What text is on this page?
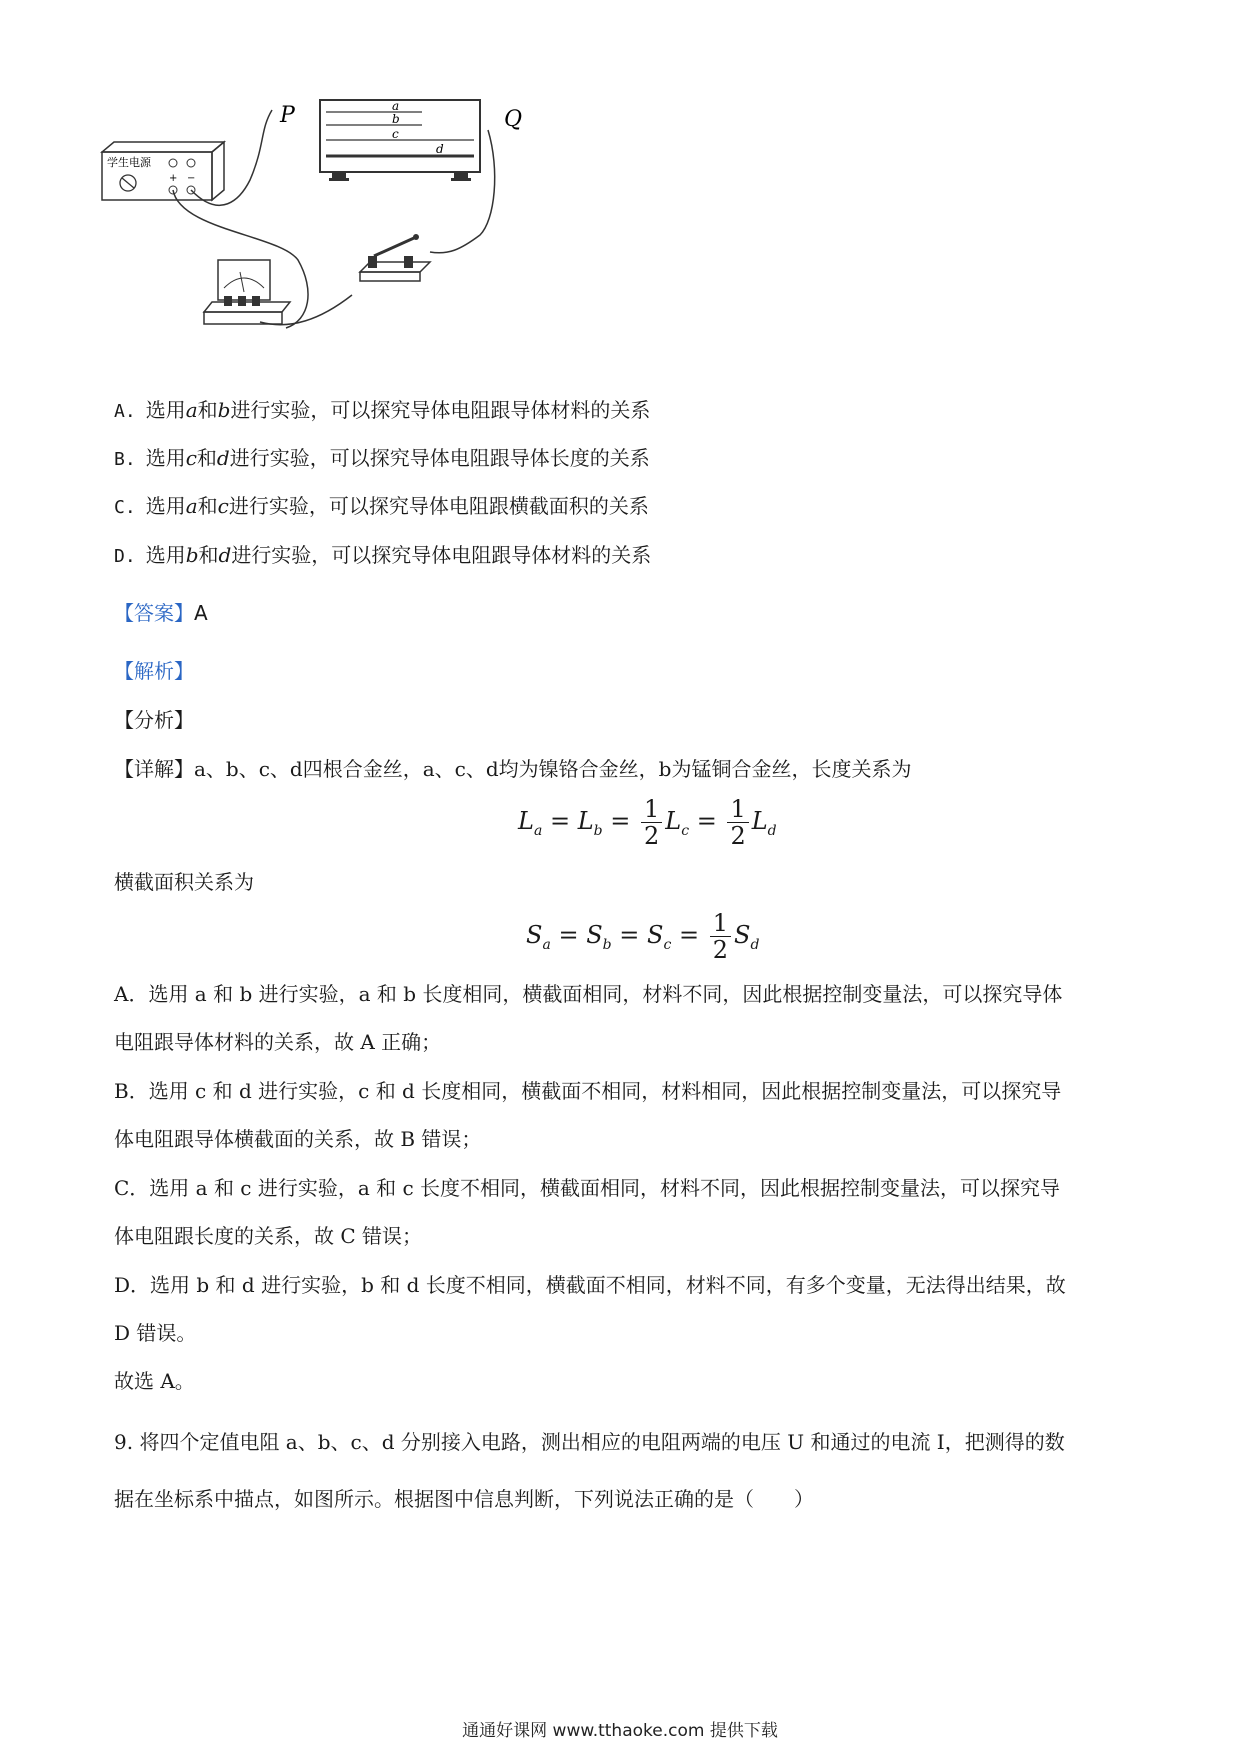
a
b
c
d
P	Q
学生电源
+ −
A. 选用a和b进行实验，可以探究导体电阻跟导体材料的关系
B. 选用c和d进行实验，可以探究导体电阻跟导体长度的关系
C. 选用a和c进行实验，可以探究导体电阻跟横截面积的关系
D. 选用b和d进行实验，可以探究导体电阻跟导体材料的关系
【答案】A
【解析】
【分析】
【详解】a、b、c、d四根合金丝，a、c、d均为镍铬合金丝，b为锰铜合金丝，长度关系为
$L_a = L_b = \frac{1}{2} L_c = \frac{1}{2} L_d$
横截面积关系为
$S_a = S_b = S_c = \frac{1}{2} S_d$
A．选用 a 和 b 进行实验，a 和 b 长度相同，横截面相同，材料不同，因此根据控制变量法，可以探究导体
电阻跟导体材料的关系，故 A 正确；
B．选用 c 和 d 进行实验，c 和 d 长度相同，横截面不相同，材料相同，因此根据控制变量法，可以探究导
体电阻跟导体横截面的关系，故 B 错误；
C．选用 a 和 c 进行实验，a 和 c 长度不相同，横截面相同，材料不同，因此根据控制变量法，可以探究导
体电阻跟长度的关系，故 C 错误；
D．选用 b 和 d 进行实验，b 和 d 长度不相同，横截面不相同，材料不同，有多个变量，无法得出结果，故
D 错误。
故选 A。
9. 将四个定值电阻 a、b、c、d 分别接入电路，测出相应的电阻两端的电压 U 和通过的电流 I，把测得的数
据在坐标系中描点，如图所示。根据图中信息判断，下列说法正确的是（　　）
通通好课网 www.tthaoke.com 提供下载
